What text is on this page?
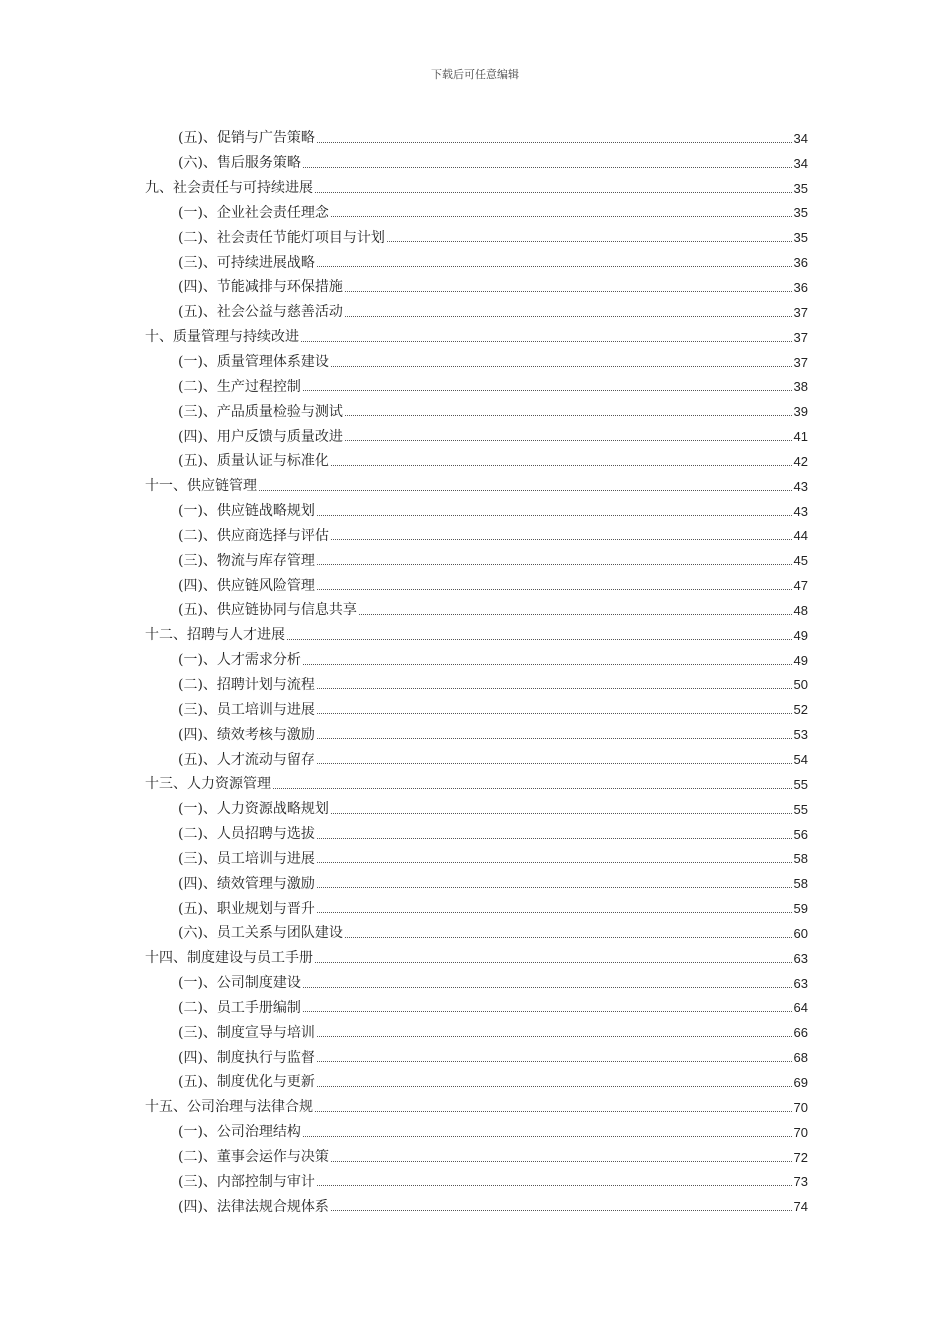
下载后可任意编辑
(五)、促销与广告策略	34
(六)、售后服务策略	34
九、社会责任与可持续进展	35
(一)、企业社会责任理念	35
(二)、社会责任节能灯项目与计划	35
(三)、可持续进展战略	36
(四)、节能减排与环保措施	36
(五)、社会公益与慈善活动	37
十、质量管理与持续改进	37
(一)、质量管理体系建设	37
(二)、生产过程控制	38
(三)、产品质量检验与测试	39
(四)、用户反馈与质量改进	41
(五)、质量认证与标准化	42
十一、供应链管理	43
(一)、供应链战略规划	43
(二)、供应商选择与评估	44
(三)、物流与库存管理	45
(四)、供应链风险管理	47
(五)、供应链协同与信息共享	48
十二、招聘与人才进展	49
(一)、人才需求分析	49
(二)、招聘计划与流程	50
(三)、员工培训与进展	52
(四)、绩效考核与激励	53
(五)、人才流动与留存	54
十三、人力资源管理	55
(一)、人力资源战略规划	55
(二)、人员招聘与选拔	56
(三)、员工培训与进展	58
(四)、绩效管理与激励	58
(五)、职业规划与晋升	59
(六)、员工关系与团队建设	60
十四、制度建设与员工手册	63
(一)、公司制度建设	63
(二)、员工手册编制	64
(三)、制度宣导与培训	66
(四)、制度执行与监督	68
(五)、制度优化与更新	69
十五、公司治理与法律合规	70
(一)、公司治理结构	70
(二)、董事会运作与决策	72
(三)、内部控制与审计	73
(四)、法律法规合规体系	74
